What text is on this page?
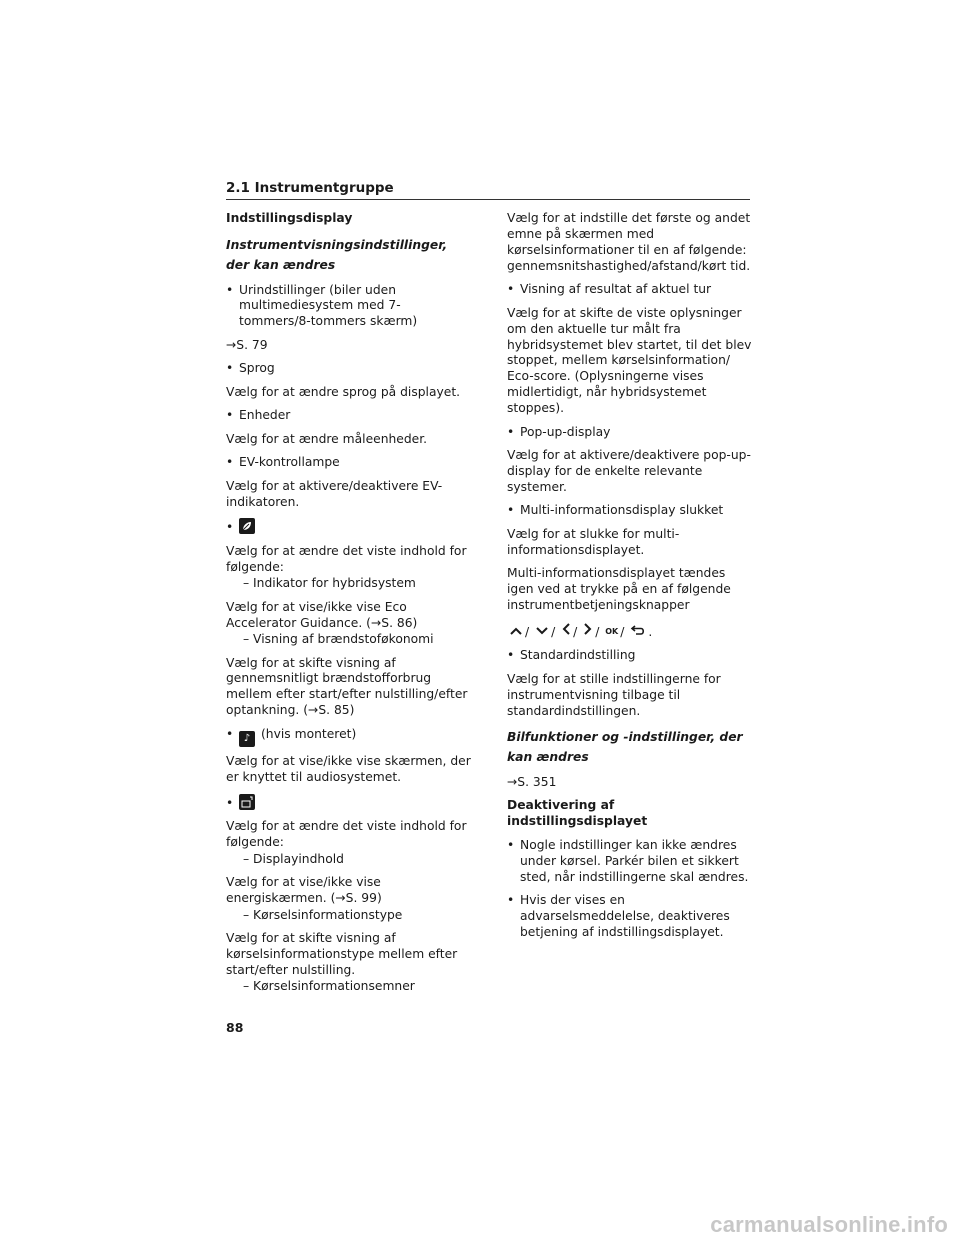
2.1 Instrumentgruppe

Indstillingsdisplay

Instrumentvisningsindstillinger, der kan ændres

• Urindstillinger (biler uden multimediesystem med 7-tommers/8-tommers skærm)

→S. 79

• Sprog

Vælg for at ændre sprog på displayet.

• Enheder

Vælg for at ændre måleenheder.

• EV-kontrollampe

Vælg for at aktivere/deaktivere EV-indikatoren.

•

Vælg for at ændre det viste indhold for følgende:

– Indikator for hybridsystem

Vælg for at vise/ikke vise Eco Accelerator Guidance. (→S. 86)

– Visning af brændstoføkonomi

Vælg for at skifte visning af gennemsnitligt brændstofforbrug mellem efter start/efter nulstilling/efter optankning. (→S. 85)

• ♪ (hvis monteret)

Vælg for at vise/ikke vise skærmen, der er knyttet til audiosystemet.

•

Vælg for at ændre det viste indhold for følgende:

– Displayindhold

Vælg for at vise/ikke vise energiskærmen. (→S. 99)

– Kørselsinformationstype

Vælg for at skifte visning af kørselsinformationstype mellem efter start/efter nulstilling.

– Kørselsinformationsemner

Vælg for at indstille det første og andet emne på skærmen med kørselsinformationer til en af følgende: gennemsnitshastighed/afstand/kørt tid.

• Visning af resultat af aktuel tur

Vælg for at skifte de viste oplysninger om den aktuelle tur målt fra hybridsystemet blev startet, til det blev stoppet, mellem kørselsinformation/ Eco-score. (Oplysningerne vises midlertidigt, når hybridsystemet stoppes).

• Pop-up-display

Vælg for at aktivere/deaktivere pop-up-display for de enkelte relevante systemer.

• Multi-informationsdisplay slukket

Vælg for at slukke for multi-informationsdisplayet.

Multi-informationsdisplayet tændes igen ved at trykke på en af følgende instrumentbetjeningsknapper

/ / / / OK / .

• Standardindstilling

Vælg for at stille indstillingerne for instrumentvisning tilbage til standardindstillingen.

Bilfunktioner og -indstillinger, der kan ændres

→S. 351

Deaktivering af indstillingsdisplayet

• Nogle indstillinger kan ikke ændres under kørsel. Parkér bilen et sikkert sted, når indstillingerne skal ændres.

• Hvis der vises en advarselsmeddelelse, deaktiveres betjening af indstillingsdisplayet.

88
carmanualsonline.info
